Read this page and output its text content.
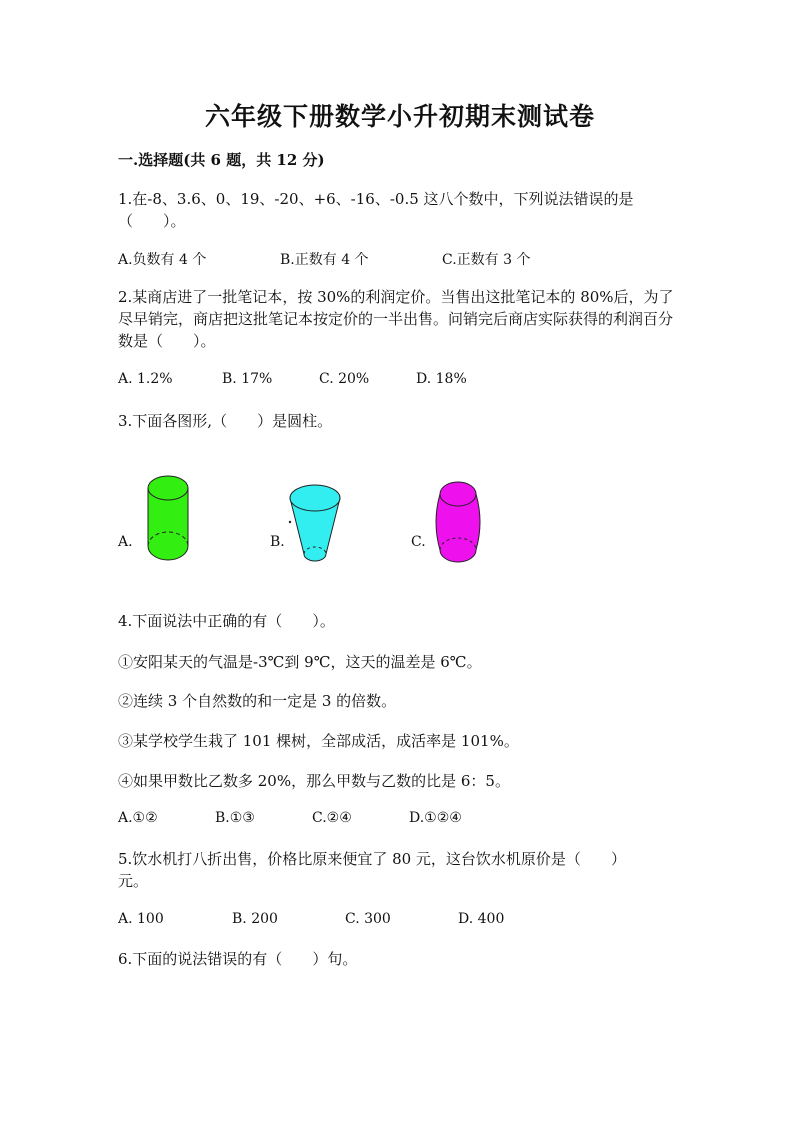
六年级下册数学小升初期末测试卷
一.选择题(共 6 题，共 12 分)
1.在-8、3.6、0、19、-20、+6、-16、-0.5 这八个数中，下列说法错误的是
（　　）。
A.负数有 4 个	B.正数有 4 个	C.正数有 3 个
2.某商店进了一批笔记本，按 30%的利润定价。当售出这批笔记本的 80%后，为了尽早销完，商店把这批笔记本按定价的一半出售。问销完后商店实际获得的利润百分数是（　　）。
A. 1.2%	B. 17%	C. 20%	D. 18%
3.下面各图形,（　　）是圆柱。
A.	B.	C.
4.下面说法中正确的有（　　）。
①安阳某天的气温是-3℃到 9℃，这天的温差是 6℃。
②连续 3 个自然数的和一定是 3 的倍数。
③某学校学生栽了 101 棵树，全部成活，成活率是 101%。
④如果甲数比乙数多 20%，那么甲数与乙数的比是 6：5。
A.①②	B.①③	C.②④	D.①②④
5.饮水机打八折出售，价格比原来便宜了 80 元，这台饮水机原价是（　　）
元。
A. 100	B. 200	C. 300	D. 400
6.下面的说法错误的有（　　）句。
